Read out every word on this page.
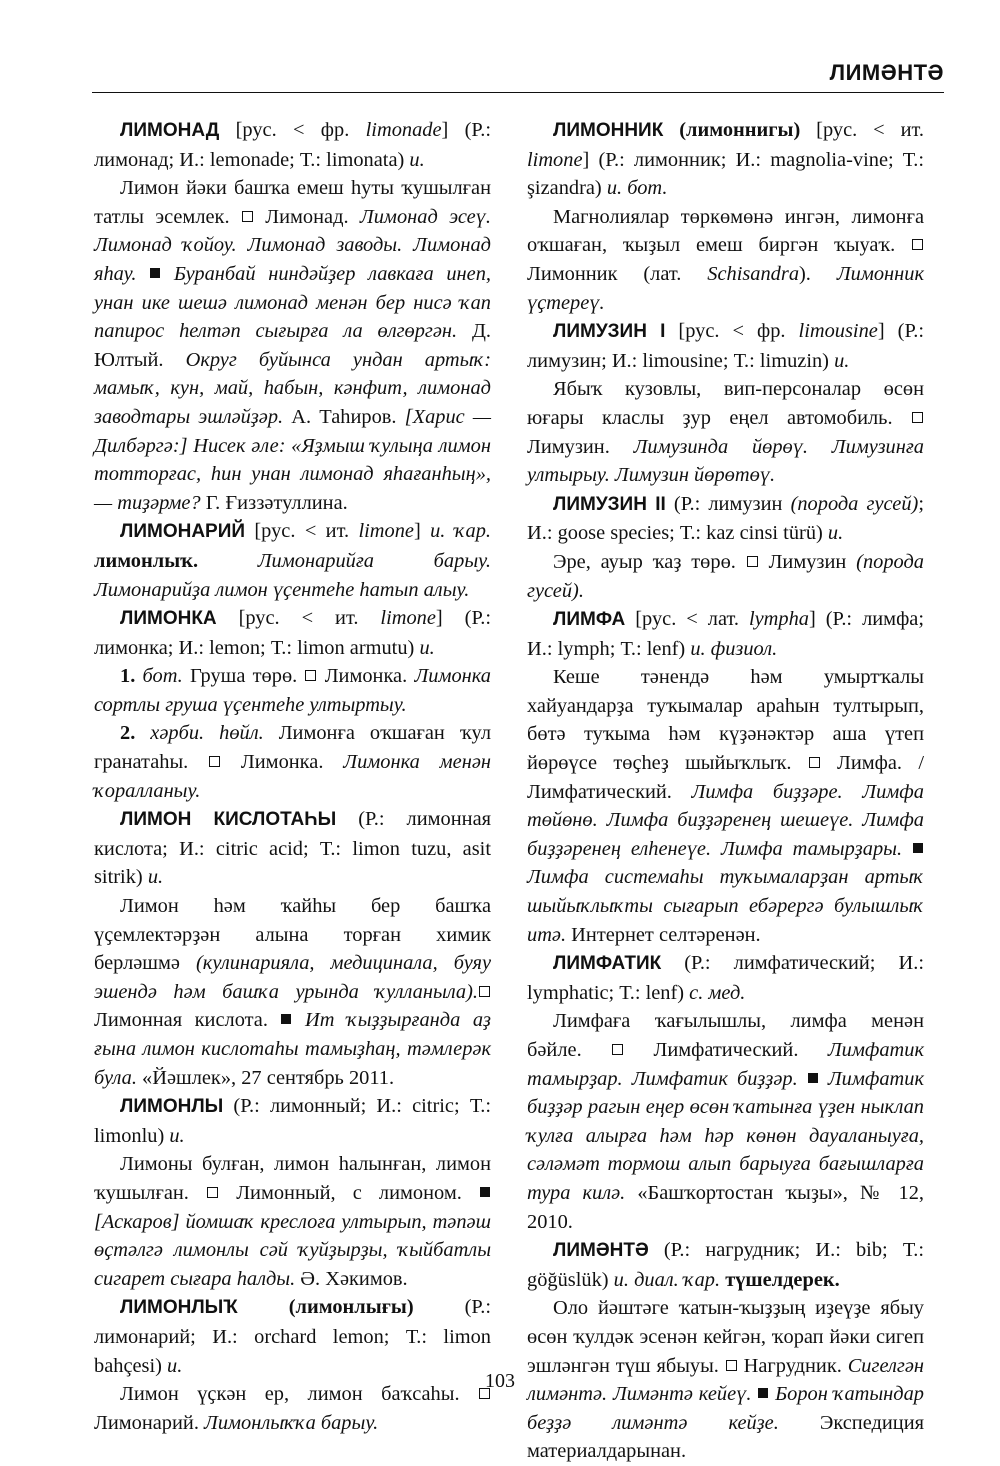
ЛИМӘНТӘ

ЛИМОНАД [рус. < фр. limonade] (Р.: лимонад; И.: lemonade; Т.: limonata) и.

Лимон йәки башҡа емеш һуты ҡушылған татлы эсемлек.  Лимонад. Лимонад эсеү. Лимонад ҡойоу. Лимонад заводы. Лимонад яһау.  Буранбай ниндәйҙер лавкаға инеп, унан ике шешә лимонад менән бер нисә ҡап папирос һелтәп сығырға ла өлгөргән. Д. Юлтый. Округ буйынса ундан артыҡ: мамыҡ, кун, май, һабын, кәнфит, лимонад заводтары эшләйҙәр. А. Таһиров. [Харис — Дилбәргә:] Нисек әле: «Яҙмыш ҡулыңа лимон тотторғас, һин унан лимонад яһағанһың», — тиҙәрме? Г. Ғиззәтуллина.

ЛИМОНАРИЙ [рус. < ит. limone] и. ҡар. лимонлыҡ. Лимонарийға барыу. Лимонарийҙа лимон үҫентеһе һатып алыу.

ЛИМОНКА [рус. < ит. limone] (Р.: лимонка; И.: lemon; Т.: limon armutu) и.

1. бот. Груша төрө.  Лимонка. Лимонка сортлы груша үҫентеһе ултыртыу.

2. хәрби. һөйл. Лимонға оҡшаған ҡул гранатаһы.  Лимонка. Лимонка менән ҡоралланыу.

ЛИМОН КИСЛОТАҺЫ (Р.: лимонная кислота; И.: citric acid; Т.: limon tuzu, asit sitrik) и.

Лимон һәм ҡайһы бер башҡа үҫемлектәрҙән алына торған химик берләшмә (кулинарияла, медицинала, буяу эшендә һәм башҡа урында ҡулланыла). Лимонная кислота.  Ит ҡыҙҙырғанда аҙ ғына лимон кислотаһы тамыҙһаң, тәмлерәк була. «Йәшлек», 27 сентябрь 2011.

ЛИМОНЛЫ (Р.: лимонный; И.: citric; Т.: limonlu) и.

Лимоны булған, лимон һалынған, лимон ҡушылған.  Лимонный, с лимоном.  [Аскаров] йомшаҡ креслоға ултырып, тәпәш өҫтәлгә лимонлы сәй ҡуйҙырҙы, ҡыйбатлы сигарет сығара һалды. Ә. Хәкимов.

ЛИМОНЛЫҠ (лимонлығы) (Р.: лимонарий; И.: orchard lemon; Т.: limon bahçesi) и.

Лимон үҫкән ер, лимон баҡсаһы.  Лимонарий. Лимонлыҡҡа барыу.

ЛИМОННИК (лимоннигы) [рус. < ит. limone] (Р.: лимонник; И.: magnolia-vine; Т.: şizandra) и. бот.

Магнолиялар төркөмөнә ингән, лимонға оҡшаған, ҡыҙыл емеш биргән ҡыуаҡ.  Лимонник (лат. Schisandra). Лимонник үҫтереү.

ЛИМУЗИН I [рус. < фр. limousine] (Р.: лимузин; И.: limousine; Т.: limuzin) и.

Ябыҡ кузовлы, вип-персоналар өсөн юғары класлы ҙур еңел автомобиль.  Лимузин. Лимузинда йөрөү. Лимузинға ултырыу. Лимузин йөрөтөү.

ЛИМУЗИН II (Р.: лимузин (порода гусей); И.: goose species; Т.: kaz cinsi türü) и.

Эре, ауыр ҡаҙ төрө.  Лимузин (порода гусей).

ЛИМФА [рус. < лат. lympha] (Р.: лимфа; И.: lymph; Т.: lenf) и. физиол.

Кеше тәнендә һәм умыртҡалы хайуандарҙа туҡымалар араһын тултырып, бөтә туҡыма һәм күҙәнәктәр аша үтеп йөрөүсе төҫһеҙ шыйыҡлыҡ.  Лимфа. / Лимфатический. Лимфа биҙҙәре. Лимфа төйөнө. Лимфа биҙҙәренең шешеүе. Лимфа биҙҙәренең елһенеүе. Лимфа тамырҙары.  Лимфа системаһы туҡымаларҙан артыҡ шыйыҡлыҡты сығарып ебәрергә булышлыҡ итә. Интернет селтәренән.

ЛИМФАТИК (Р.: лимфатический; И.: lymphatic; Т.: lenf) с. мед.

Лимфаға ҡағылышлы, лимфа менән бәйле.  Лимфатический. Лимфатик тамырҙар. Лимфатик биҙҙәр.  Лимфатик биҙҙәр рагын еңер өсөн ҡатынға үҙен ныклап ҡулға алырға һәм һәр көнөн дауаланыуға, сәләмәт тормош алып барыуға бағышларға тура килә. «Башҡортостан ҡыҙы», № 12, 2010.

ЛИМӘНТӘ (Р.: нагрудник; И.: bib; Т.: göğüslük) и. диал. ҡар. түшелдерек.

Оло йәштәге ҡатын-ҡыҙҙың иҙеүҙе ябыу өсөн ҡулдәк эсенән кейгән, ҡорап йәки сигеп эшләнгән түш ябыуы.  Нагрудник. Сигелгән лимәнтә. Лимәнтә кейеү.  Борон ҡатындар беҙҙә лимәнтә кейҙе. Экспедиция материалдарынан.

103
